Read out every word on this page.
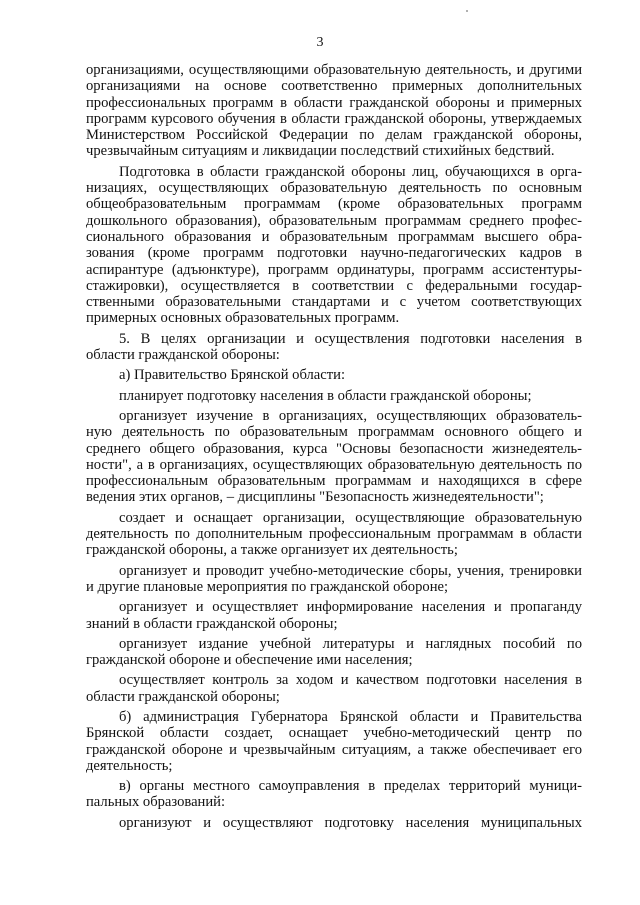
3
организациями, осуществляющими образовательную деятельность, и другими
организациями на основе соответственно примерных дополнительных
профессиональных программ в области гражданской обороны и примерных
программ курсового обучения в области гражданской обороны, утверждаемых
Министерством Российской Федерации по делам гражданской обороны,
чрезвычайным ситуациям и ликвидации последствий стихийных бедствий.
Подготовка в области гражданской обороны лиц, обучающихся в орга-
низациях, осуществляющих образовательную деятельность по основным
общеобразовательным программам (кроме образовательных программ
дошкольного образования), образовательным программам среднего профес-
сионального образования и образовательным программам высшего обра-
зования (кроме программ подготовки научно-педагогических кадров в
аспирантуре (адъюнктуре), программ ординатуры, программ ассистентуры-
стажировки), осуществляется в соответствии с федеральными государ-
ственными образовательными стандартами и с учетом соответствующих
примерных основных образовательных программ.
5. В целях организации и осуществления подготовки населения в
области гражданской обороны:
а) Правительство Брянской области:
планирует подготовку населения в области гражданской обороны;
организует изучение в организациях, осуществляющих образователь-
ную деятельность по образовательным программам основного общего и
среднего общего образования, курса "Основы безопасности жизнедеятель-
ности", а в организациях, осуществляющих образовательную деятельность по
профессиональным образовательным программам и находящихся в сфере
ведения этих органов, – дисциплины "Безопасность жизнедеятельности";
создает и оснащает организации, осуществляющие образовательную
деятельность по дополнительным профессиональным программам в области
гражданской обороны, а также организует их деятельность;
организует и проводит учебно-методические сборы, учения, тренировки
и другие плановые мероприятия по гражданской обороне;
организует и осуществляет информирование населения и пропаганду
знаний в области гражданской обороны;
организует издание учебной литературы и наглядных пособий по
гражданской обороне и обеспечение ими населения;
осуществляет контроль за ходом и качеством подготовки населения в
области гражданской обороны;
б) администрация Губернатора Брянской области и Правительства
Брянской области создает, оснащает учебно-методический центр по
гражданской обороне и чрезвычайным ситуациям, а также обеспечивает его
деятельность;
в) органы местного самоуправления в пределах территорий муници-
пальных образований:
организуют и осуществляют подготовку населения муниципальных
